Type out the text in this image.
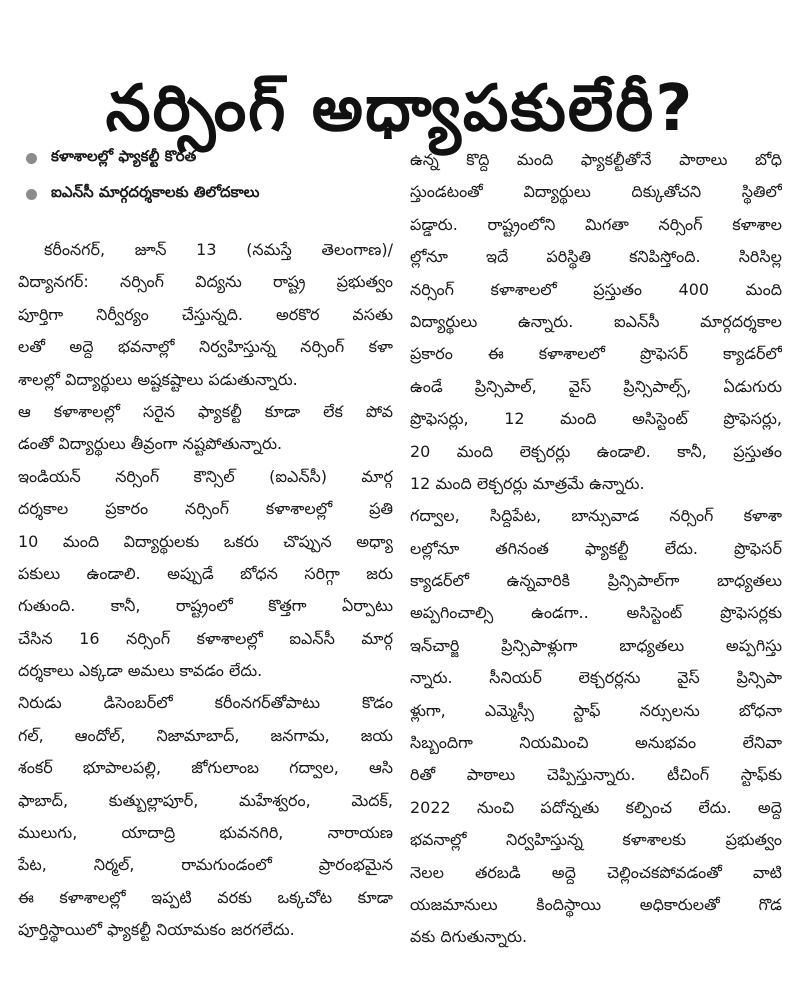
నర్సింగ్ అధ్యాపకులేరీ?
కళాశాలల్లో ఫ్యాకల్టీ కొరత
ఐఎన్‌సీ మార్గదర్శకాలకు తిలోదకాలు
కరీంనగర్, జూన్ 13 (నమస్తే తెలంగాణ)/
విద్యానగర్: నర్సింగ్ విద్యను రాష్ట్ర ప్రభుత్వం
పూర్తిగా నిర్వీర్యం చేస్తున్నది. అరకొర వసతు
లతో అద్దె భవనాల్లో నిర్వహిస్తున్న నర్సింగ్ కళా
శాలల్లో విద్యార్థులు అష్టకష్టాలు పడుతున్నారు.
ఆ కళాశాలల్లో సరైన ఫ్యాకల్టీ కూడా లేక పోవ
డంతో విద్యార్థులు తీవ్రంగా నష్టపోతున్నారు.
ఇండియన్ నర్సింగ్ కౌన్సిల్ (ఐఎన్‌సీ) మార్గ
దర్శకాల ప్రకారం నర్సింగ్ కళాశాలల్లో ప్రతి
10 మంది విద్యార్థులకు ఒకరు చొప్పున అధ్యా
పకులు ఉండాలి. అప్పుడే బోధన సరిగ్గా జరు
గుతుంది. కానీ, రాష్ట్రంలో కొత్తగా ఏర్పాటు
చేసిన 16 నర్సింగ్ కళాశాలల్లో ఐఎన్‌సీ మార్గ
దర్శకాలు ఎక్కడా అమలు కావడం లేదు.
నిరుడు డిసెంబర్‌లో కరీంనగర్‌తోపాటు కొడం
గల్, ఆందోల్, నిజామాబాద్, జనగామ, జయ
శంకర్ భూపాలపల్లి, జోగులాంబ గద్వాల, ఆసి
ఫాబాద్, కుత్బుల్లాపూర్, మహేశ్వరం, మెదక్,
ములుగు, యాదాద్రి భువనగిరి, నారాయణ
పేట, నిర్మల్, రామగుండంలో ప్రారంభమైన
ఈ కళాశాలల్లో ఇప్పటి వరకు ఒక్కచోట కూడా
పూర్తిస్థాయిలో ఫ్యాకల్టీ నియామకం జరగలేదు.
ఉన్న కొద్ది మంది ఫ్యాకల్టీతోనే పాఠాలు బోధి
స్తుండటంతో విద్యార్థులు దిక్కుతోచని స్థితిలో
పడ్డారు. రాష్ట్రంలోని మిగతా నర్సింగ్ కళాశాల
ల్లోనూ ఇదే పరిస్థితి కనిపిస్తోంది. సిరిసిల్ల
నర్సింగ్ కళాశాలలో ప్రస్తుతం 400 మంది
విద్యార్థులు ఉన్నారు. ఐఎన్‌సీ మార్గదర్శకాల
ప్రకారం ఈ కళాశాలలో ప్రొఫెసర్ క్యాడర్‌లో
ఉండే ప్రిన్సిపాల్, వైస్ ప్రిన్సిపాల్స్, ఏడుగురు
ప్రొఫెసర్లు, 12 మంది అసిస్టెంట్ ప్రొఫెసర్లు,
20 మంది లెక్చరర్లు ఉండాలి. కానీ, ప్రస్తుతం
12 మంది లెక్చరర్లు మాత్రమే ఉన్నారు.
గద్వాల, సిద్దిపేట, బాన్సువాడ నర్సింగ్ కళాశా
లల్లోనూ తగినంత ఫ్యాకల్టీ లేదు. ప్రొఫెసర్
క్యాడర్‌లో ఉన్నవారికి ప్రిన్సిపాల్‌గా బాధ్యతలు
అప్పగించాల్సి ఉండగా.. అసిస్టెంట్ ప్రొఫెసర్లకు
ఇన్‌చార్జి ప్రిన్సిపాళ్లుగా బాధ్యతలు అప్పగిస్తు
న్నారు. సీనియర్ లెక్చరర్లను వైస్ ప్రిన్సిపా
ళ్లుగా, ఎమ్మెస్సీ స్టాఫ్ నర్సులను బోధనా
సిబ్బందిగా నియమించి అనుభవం లేనివా
రితో పాఠాలు చెప్పిస్తున్నారు. టీచింగ్ స్టాఫ్‌కు
2022 నుంచి పదోన్నతు కల్పించ లేదు. అద్దె
భవనాల్లో నిర్వహిస్తున్న కళాశాలకు ప్రభుత్వం
నెలల తరబడి అద్దె చెల్లించకపోవడంతో వాటి
యజమానులు కిందిస్థాయి అధికారులతో గొడ
వకు దిగుతున్నారు.
